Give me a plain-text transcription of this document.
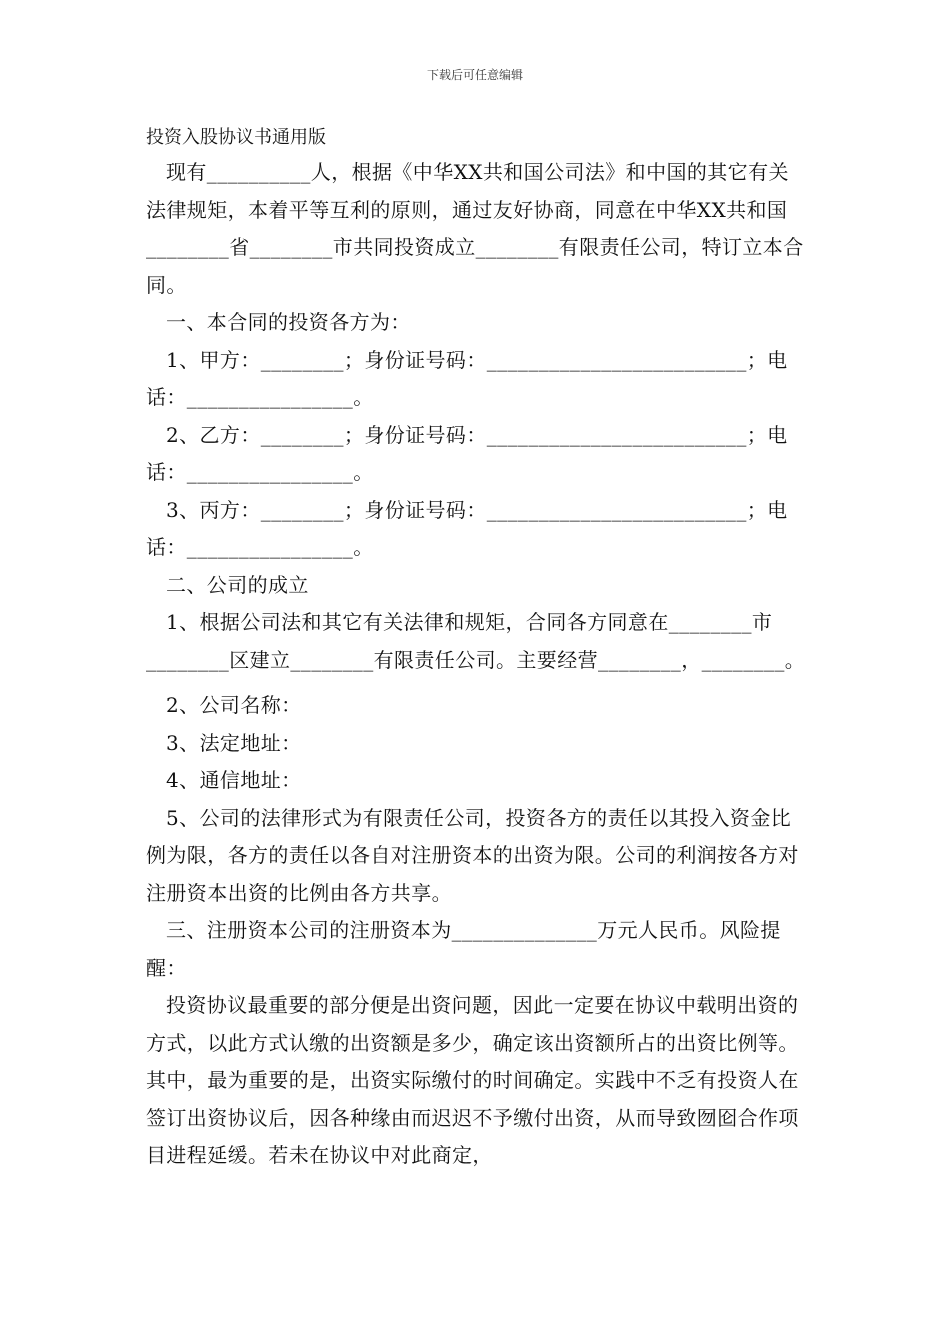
下载后可任意编辑
投资入股协议书通用版

现有__________人，根据《中华XX共和国公司法》和中国的其它有关法律规矩，本着平等互利的原则，通过友好协商，同意在中华XX共和国________省________市共同投资成立________有限责任公司，特订立本合同。

一、本合同的投资各方为：

1、甲方：________；身份证号码：_________________________；电话：________________。

2、乙方：________；身份证号码：_________________________；电话：________________。

3、丙方：________；身份证号码：_________________________；电话：________________。

二、公司的成立

1、根据公司法和其它有关法律和规矩，合同各方同意在________市________区建立________有限责任公司。主要经营________，________。

2、公司名称：

3、法定地址：

4、通信地址：

5、公司的法律形式为有限责任公司，投资各方的责任以其投入资金比例为限，各方的责任以各自对注册资本的出资为限。公司的利润按各方对注册资本出资的比例由各方共享。

三、注册资本公司的注册资本为______________万元人民币。风险提醒：

投资协议最重要的部分便是出资问题，因此一定要在协议中载明出资的方式，以此方式认缴的出资额是多少，确定该出资额所占的出资比例等。其中，最为重要的是，出资实际缴付的时间确定。实践中不乏有投资人在签订出资协议后，因各种缘由而迟迟不予缴付出资，从而导致囫囵合作项目进程延缓。若未在协议中对此商定，
